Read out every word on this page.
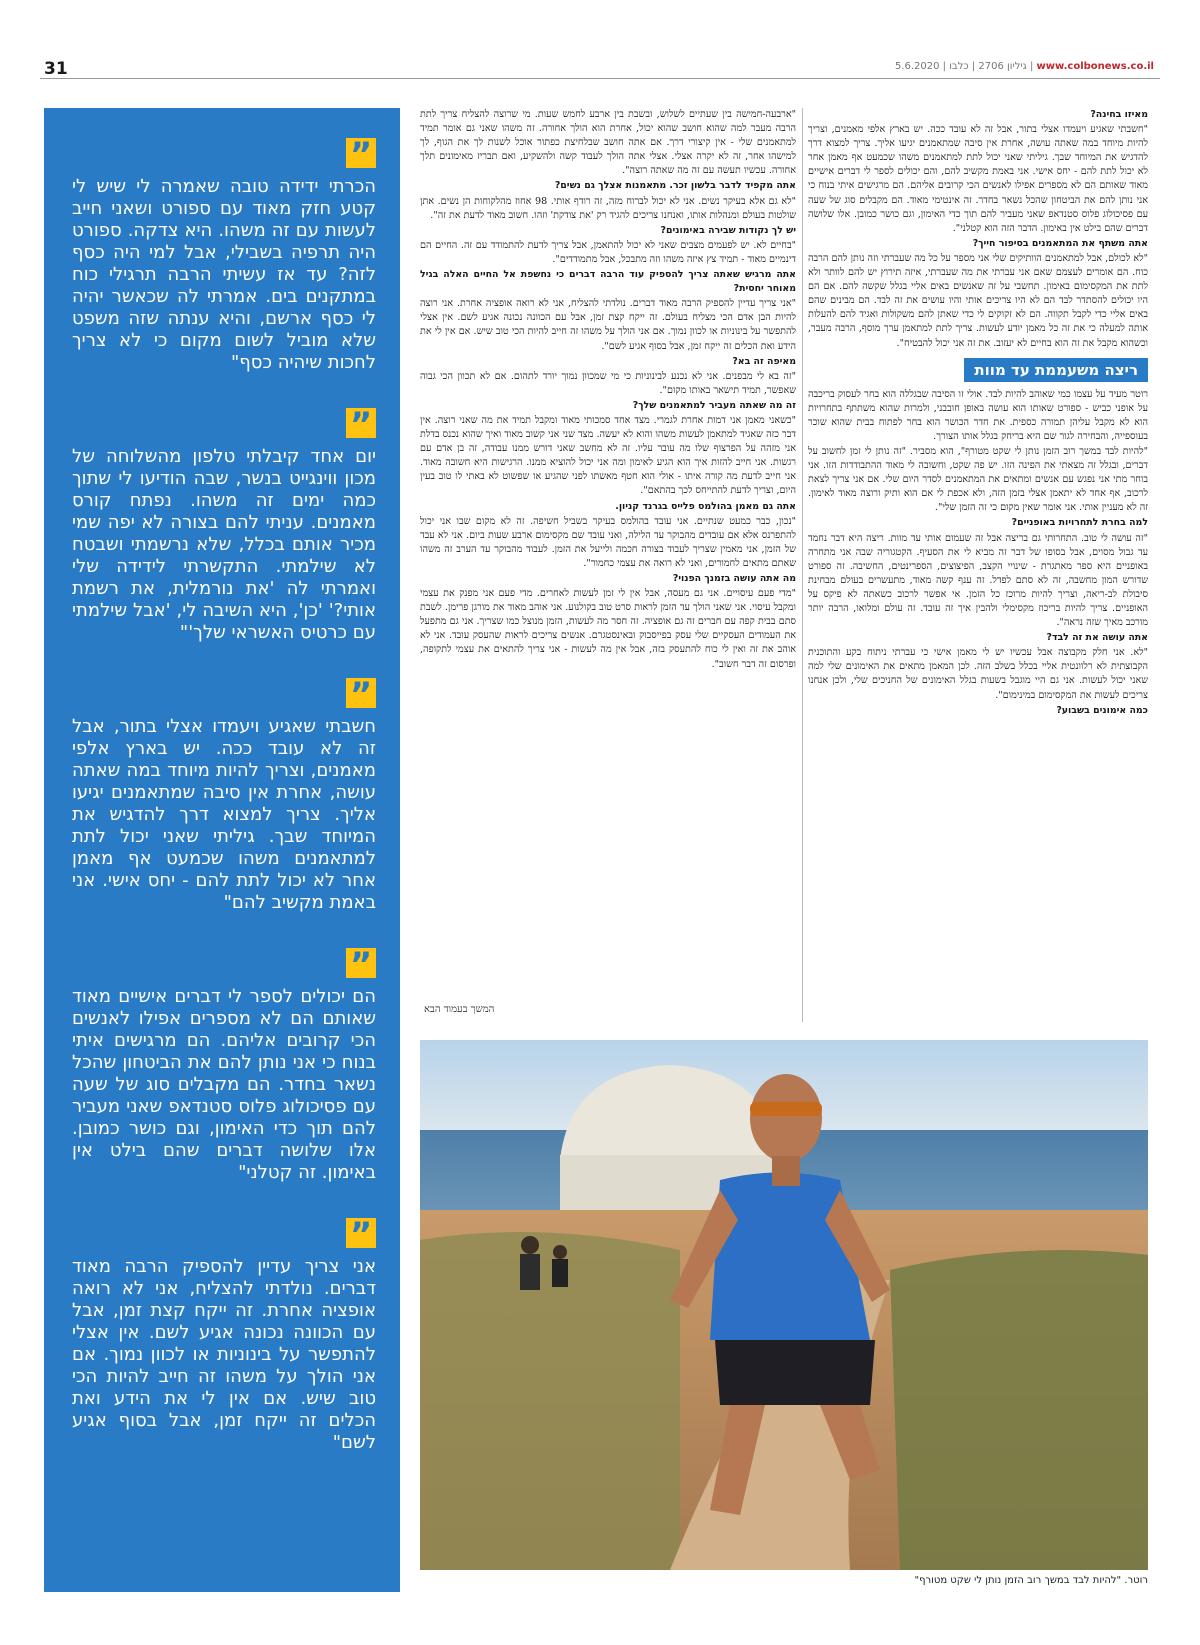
31	5.6.2020 |	גיליון 2706 | כלבו	| www.colbonews.co.il
”
הכרתי ידידה טובה שאמרה לי שיש לי קטע חזק מאוד עם ספורט ושאני חייב לעשות עם זה משהו. היא צדקה. ספורט היה תרפיה בשבילי, אבל למי היה כסף לזה? עד אז עשיתי הרבה תרגילי כוח במתקנים בים. אמרתי לה שכאשר יהיה לי כסף ארשם, והיא ענתה שזה משפט שלא מוביל לשום מקום כי לא צריך לחכות שיהיה כסף"
”
יום אחד קיבלתי טלפון מהשלוחה של מכון ווינגייט בנשר, שבה הודיעו לי שתוך כמה ימים זה משהו. נפתח קורס מאמנים. עניתי להם בצורה לא יפה שמי מכיר אותם בכלל, שלא נרשמתי ושבטח לא שילמתי. התקשרתי לידידה שלי ואמרתי לה 'את נורמלית, את רשמת אותי?' 'כן', היא השיבה לי, 'אבל שילמתי עם כרטיס האשראי שלך'"
”
חשבתי שאגיע ויעמדו אצלי בתור, אבל זה לא עובד ככה. יש בארץ אלפי מאמנים, וצריך להיות מיוחד במה שאתה עושה, אחרת אין סיבה שמתאמנים יגיעו אליך. צריך למצוא דרך להדגיש את המיוחד שבך. גיליתי שאני יכול לתת למתאמנים משהו שכמעט אף מאמן אחר לא יכול לתת להם - יחס אישי. אני באמת מקשיב להם"
”
הם יכולים לספר לי דברים אישיים מאוד שאותם הם לא מספרים אפילו לאנשים הכי קרובים אליהם. הם מרגישים איתי בנוח כי אני נותן להם את הביטחון שהכל נשאר בחדר. הם מקבלים סוג של שעה עם פסיכולוג פלוס סטנדאפ שאני מעביר להם תוך כדי האימון, וגם כושר כמובן. אלו שלושה דברים שהם בילט אין באימון. זה קטלני"
”
אני צריך עדיין להספיק הרבה מאוד דברים. נולדתי להצליח, אני לא רואה אופציה אחרת. זה ייקח קצת זמן, אבל עם הכוונה נכונה אגיע לשם. אין אצלי להתפשר על בינוניות או לכוון נמוך. אם אני הולך על משהו זה חייב להיות הכי טוב שיש. אם אין לי את הידע ואת הכלים זה ייקח זמן, אבל בסוף אגיע לשם"

מאיזו בחינה?

"חשבתי שאגיע ויעמדו אצלי בתור, אבל זה לא עובד ככה. יש בארץ אלפי מאמנים, וצריך להיות מיוחד במה שאתה עושה, אחרת אין סיבה שמתאמנים יגיעו אליך. צריך למצוא דרך להדגיש את המיוחד שבך. גיליתי שאני יכול לתת למתאמנים משהו שכמעט אף מאמן אחר לא יכול לתת להם - יחס אישי. אני באמת מקשיב להם, והם יכולים לספר לי דברים אישיים מאוד שאותם הם לא מספרים אפילו לאנשים הכי קרובים אליהם. הם מרגישים איתי בנוח כי אני נותן להם את הביטחון שהכל נשאר בחדר. זה אינטימי מאוד. הם מקבלים סוג של שעה עם פסיכולוג פלוס סטנדאפ שאני מעביר להם תוך כדי האימון, וגם כושר כמובן. אלו שלושה דברים שהם בילט אין באימון. הדבר הזה הוא קטלני".

אתה משתף את המתאמנים בסיפור חייך?

"לא לכולם, אבל למתאמנים הוותיקים שלי אני מספר על כל מה שעברתי וזה נותן להם הרבה כוח. הם אומרים לעצמם שאם אני עברתי את מה שעברתי, איזה תירוץ יש להם לוותר ולא לתת את המקסימום באימון. תחשבי על זה שאנשים באים אליי בגלל שקשה להם. אם הם היו יכולים להסתדר לבד הם לא היו צריכים אותי והיו עושים את זה לבד. הם מבינים שהם באים אליי כדי לקבל תקווה. הם לא זקוקים לי כדי שאתן להם משקולות ואגיד להם להעלות אותה למעלה כי את זה כל מאמן יודע לעשות. צריך לתת למתאמן ערך מוסף, הרבה מעבר, וכשהוא מקבל את זה הוא בחיים לא יעזוב. את זה אני יכול להבטיח".

ריצה משעממת עד מוות

רוטר מעיד על עצמו כמי שאוהב להיות לבד. אולי זו הסיבה שבגללה הוא בחר לעסוק בריכבה על אופני כביש - ספורט שאותו הוא עושה באופן חובבני, ולמרות שהוא משתתף בתחרויות הוא לא מקבל עליהן תמורה כספית. את חדר הכושר הוא בחר לפתוח בבית שהוא שוכר בעוספייה, והבחירה לגור שם היא בריחק בגלל אותו הצורך.

"להיות לבד במשך רוב הזמן נותן לי שקט מטורף", הוא מסביר. "זה נותן לי זמן לחשוב על דברים, ובגלל זה מצאתי את הפינה הזו. יש פה שקט, וחשובה לי מאוד ההתבודדות הזו. אני בוחר מתי אני נפגש עם אנשים ומתאים את המתאמנים לסדר היום שלי. אם אני צריך לצאת לרכוב, אף אחד לא יתאמן אצלי בזמן הזה, ולא אכפת לי אם הוא ותיק ורוצה מאוד לאימון. זה לא מעניין אותי. אני אומר שאין מקום כי זה הזמן שלי".

למה בחרת לתחרויות באופניים?

"זה עושה לי טוב. התחרותי גם בריצה אבל זה שעמום אותי עד מוות. ריצה היא דבר נחמד עד גבול מסוים, אבל בסופו של דבר זה מביא לי את הסעיף. הקטגוריה שבה אני מתחרה באופניים היא ספר מאתגרת - שינויי הקצב, הפיצוצים, הספרינטים, החשיבה. זה ספורט שדורש המון מחשבה, זה לא סתם לפדל. זה ענף קשה מאוד, מתעשרים בעולם מבחינת סיבולת לב-ריאה, וצריך להיות מרוכז כל הזמן. אי אפשר לרכוב כשאתה לא פיקס על האופניים. צריך להיות בריכוז מקסימלי ולהבין איך זה עובד. זה עולם ומלואו, הרבה יותר מורכב מאיך שזה נראה".

אתה עושה את זה לבד?

"לא. אני חלק מקבוצה אבל עכשיו יש לי מאמן אישי כי עברתי ניתוח בקע והתוכנית הקבוצתית לא רלוונטית אליי בכלל בשלב הזה. לכן המאמן מתאים את האימונים שלי למה שאני יכול לעשות. אני גם היי מוגבל בשעות בגלל האימונים של החניכים שלי, ולכן אנחנו צריכים לעשות את המקסימום במינימום".

כמה אימונים בשבוע?

"ארבעה-חמישה בין שעתיים לשלוש, ובשבת בין ארבע לחמש שעות. מי שרוצה להצליח צריך לתת הרבה מעבר למה שהוא חושב שהוא יכול, אחרת הוא הולך אחורה. זה משהו שאני גם אומר תמיד למתאמנים שלי - אין קיצורי דרך. אם אתה חושב שבלחיצת כפתור אוכל לשנות לך את הגוף, לך למישהו אחר, זה לא יקרה אצלי. אצלי אתה הולך לעבוד קשה ולהשקיע, ואם תבריז מאימונים תלך אחורה. עכשיו תעשה עם זה מה שאתה רוצה".

אתה מקפיד לדבר בלשון זכר. מתאמנות אצלך גם נשים?

"לא גם אלא בעיקר נשים. אני לא יכול לברוח מזה, זה רודף אותי. 98 אחוז מהלקוחות הן נשים. אתן שולטות בעולם ומנהלות אותו, ואנחנו צריכים להגיד רק 'את צודקת' וזהו. חשוב מאוד לדעת את זה".

יש לך נקודות שבירה באימונים?

"בחיים לא. יש לפעמים מצבים שאני לא יכול להתאמן, אבל צריך לדעת להתמודד עם זה. החיים הם דינמיים מאוד - תמיד צץ איזה משהו וזה מתבכל, אבל מתמודדים".

אתה מרגיש שאתה צריך להספיק עוד הרבה דברים כי נחשפת אל החיים האלה בגיל מאוחר יחסית?

"אני צריך עדיין להספיק הרבה מאוד דברים. נולדתי להצליח, אני לא רואה אופציה אחרת. אני רוצה להיות הבן אדם הכי מצליח בעולם. זה ייקח קצת זמן, אבל עם הכוונה נכונה אגיע לשם. אין אצלי להתפשר על בינוניות או לכוון נמוך. אם אני הולך על משהו זה חייב להיות הכי טוב שיש. אם אין לי את הידע ואת הכלים זה ייקח זמן, אבל בסוף אגיע לשם".

מאיפה זה בא?

"זה בא לי מבפנים. אני לא נכנע לבינוניות כי מי שמכוון נמוך יורד לתהום. אם לא תכוון הכי גבוה שאפשר, תמיד תישאר באותו מקום".

זה מה שאתה מעביר למתאמנים שלך?

"כשאני מאמן אני דמות אחרת לגמרי. מצד אחד סמכותי מאוד ומקבל תמיד את מה שאני רוצה. אין דבר כזה שאגיד למתאמן לעשות משהו והוא לא יעשה. מצד שני אני קשוב מאוד ואיך שהוא נכנס בדלת אני מזהה על הפרצוף שלו מה עובר עליו. זה לא מחשב שאני דורש ממנו עבודה, זה בן אדם עם רגשות. אני חייב להזות איך הוא הגיע לאימון ומה אני יכול להוציא ממנו. הרגישות היא חשובה מאוד. אני חייב לדעת מה קורה איתו - אולי הוא חטף מאשתו לפני שהגיע או שפשוט לא באתי לו טוב בעין היום, וצריך לדעת להתייחס לכך בהתאם".

אתה גם מאמן בהולמס פלייס בגרנד קניון.

"נכון, כבר כמעט שנתיים. אני עובד בהולמס בעיקר בשביל חשיפה. זה לא מקום שבו אני יכול להתפרנס אלא אם עובדים מהבוקר עד הלילה, ואני עובד שם מקסימום ארבע שעות ביום. אני לא עבד של הזמן, אני מאמין שצריך לעבוד בצורה חכמה ולייעל את הזמן. לעבוד מהבוקר עד הערב זה משהו שאתם מתאים לחמורים, ואני לא רואה את עצמי כחמור".

מה אתה עושה בזמנך הפנוי?

"מדי פעם עיסויים. אני גם מעסה, אבל אין לי זמן לעשות לאחרים. מדי פעם אני מפנק את עצמי ומקבל עיסוי. אני שאני הולך עד הזמן לראות סרט טוב בקולנוע. אני אוהב מאוד את מורגן פרימן. לשבת סתם בבית קפה עם חברים זה גם אופציה. זה חסר מה לעשות, הזמן מנוצל כמו שצריך. אני גם מתפעל את העמודים העסקיים שלי עסק בפייסבוק ובאינסטגרם. אנשים צריכים לראות שהעסק עובד. אני לא אוהב את זה ואין לי כוח להתעסק בזה, אבל אין מה לעשות - אני צריך להתאים את עצמי לתקופה, ופרסום זה דבר חשוב".

המשך בעמוד הבא
רוטר. "להיות לבד במשך רוב הזמן נותן לי שקט מטורף"
